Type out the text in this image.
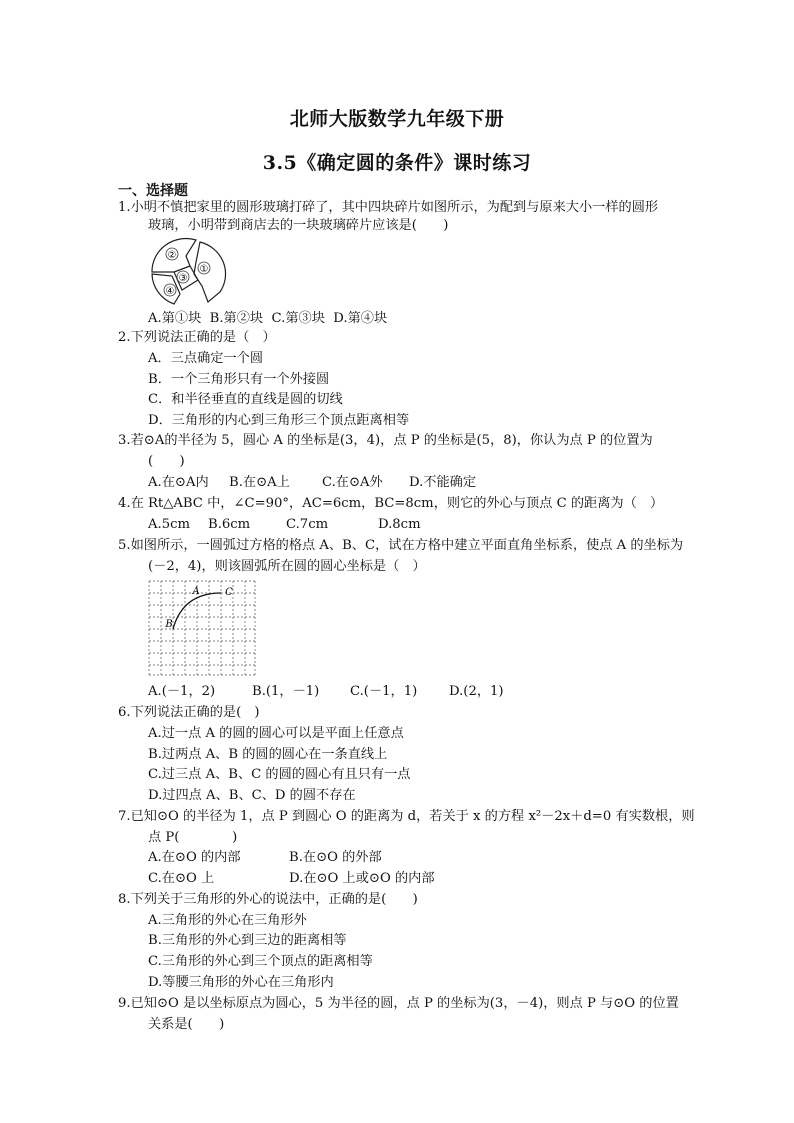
北师大版数学九年级下册
3.5《确定圆的条件》课时练习
一、选择题
1.小明不慎把家里的圆形玻璃打碎了，其中四块碎片如图所示，为配到与原来大小一样的圆形
玻璃，小明带到商店去的一块玻璃碎片应该是(　　)
②
③
①
④
A.第①块 B.第②块 C.第③块 D.第④块
2.下列说法正确的是（　）
A．三点确定一个圆
B．一个三角形只有一个外接圆
C．和半径垂直的直线是圆的切线
D．三角形的内心到三角形三个顶点距离相等
3.若⊙A的半径为 5，圆心 A 的坐标是(3，4)，点 P 的坐标是(5，8)，你认为点 P 的位置为
(　　)
A.在⊙A内 B.在⊙A上 C.在⊙A外 D.不能确定
4.在 Rt△ABC 中，∠C=90°，AC=6cm，BC=8cm，则它的外心与顶点 C 的距离为（　）
A.5cm B.6cm	C.7cm	D.8cm
5.如图所示，一圆弧过方格的格点 A、B、C，试在方格中建立平面直角坐标系，使点 A 的坐标为
(－2，4)，则该圆弧所在圆的圆心坐标是（　）
A	C
B
A.(－1，2)	B.(1，－1) C.(－1，1) D.(2，1)
6.下列说法正确的是(　)
A.过一点 A 的圆的圆心可以是平面上任意点
B.过两点 A、B 的圆的圆心在一条直线上
C.过三点 A、B、C 的圆的圆心有且只有一点
D.过四点 A、B、C、D 的圆不存在
7.已知⊙O 的半径为 1，点 P 到圆心 O 的距离为 d，若关于 x 的方程 x²－2x＋d=0 有实数根，则
点 P(　　　　)
A.在⊙O 的内部	B.在⊙O 的外部
C.在⊙O 上	D.在⊙O 上或⊙O 的内部
8.下列关于三角形的外心的说法中，正确的是(　　)
A.三角形的外心在三角形外
B.三角形的外心到三边的距离相等
C.三角形的外心到三个顶点的距离相等
D.等腰三角形的外心在三角形内
9.已知⊙O 是以坐标原点为圆心，5 为半径的圆，点 P 的坐标为(3，－4)，则点 P 与⊙O 的位置
关系是(　　)
